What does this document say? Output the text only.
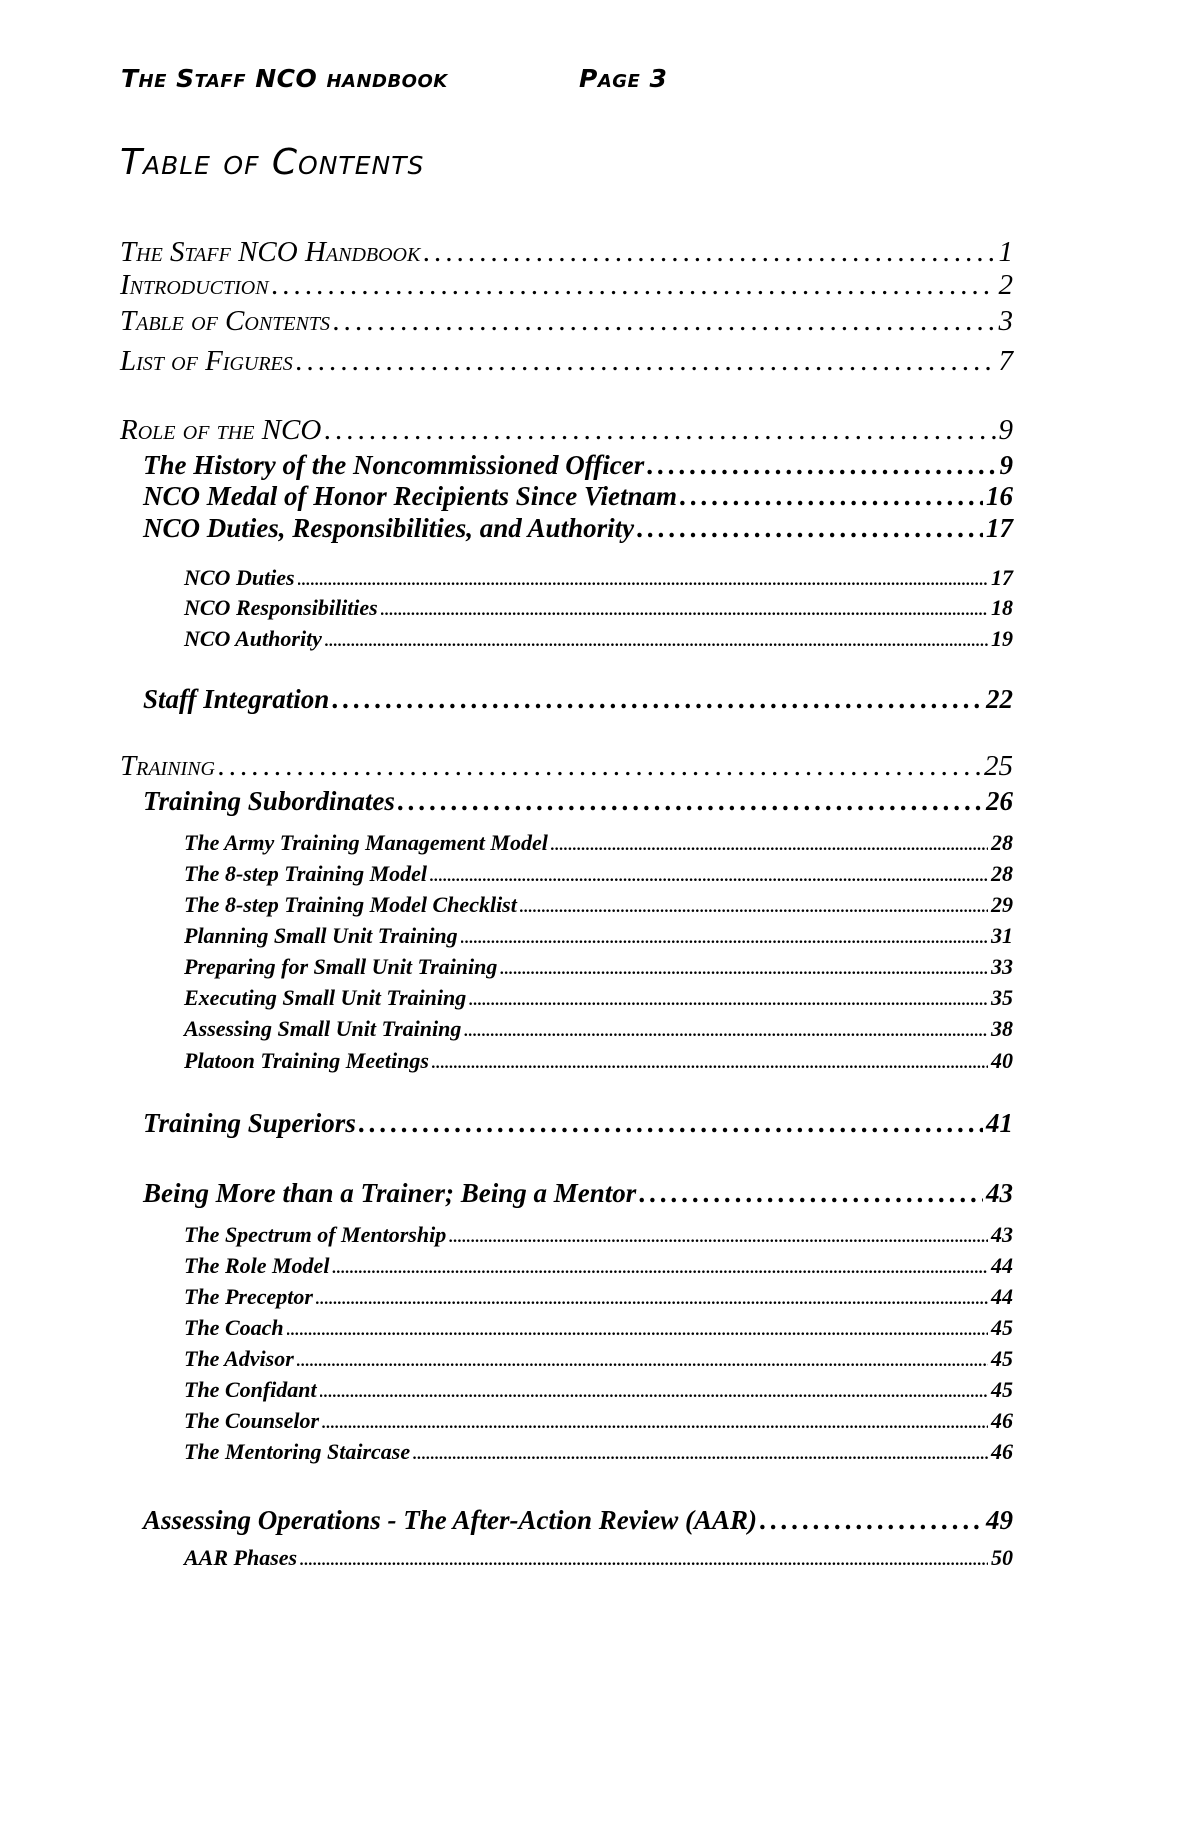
The Staff NCO handbook	Page 3
Table of Contents
The Staff NCO Handbook . . .	1
Introduction . . .	2
Table of Contents . . .	3
List of Figures . . .	7
Role of the NCO . . .	9
The History of the Noncommissioned Officer . . .	9
NCO Medal of Honor Recipients Since Vietnam . . .	16
NCO Duties, Responsibilities, and Authority . . .	17
NCO Duties . . .	17
NCO Responsibilities . . .	18
NCO Authority . . .	19
Staff Integration . . .	22
Training . . .	25
Training Subordinates . . .	26
The Army Training Management Model . . .	28
The 8-step Training Model . . .	28
The 8-step Training Model Checklist . . .	29
Planning Small Unit Training . . .	31
Preparing for Small Unit Training . . .	33
Executing Small Unit Training . . .	35
Assessing Small Unit Training . . .	38
Platoon Training Meetings . . .	40
Training Superiors . . .	41
Being More than a Trainer; Being a Mentor . . .	43
The Spectrum of Mentorship . . .	43
The Role Model . . .	44
The Preceptor . . .	44
The Coach . . .	45
The Advisor . . .	45
The Confidant . . .	45
The Counselor . . .	46
The Mentoring Staircase . . .	46
Assessing Operations - The After-Action Review (AAR) . . .	49
AAR Phases . . .	50
